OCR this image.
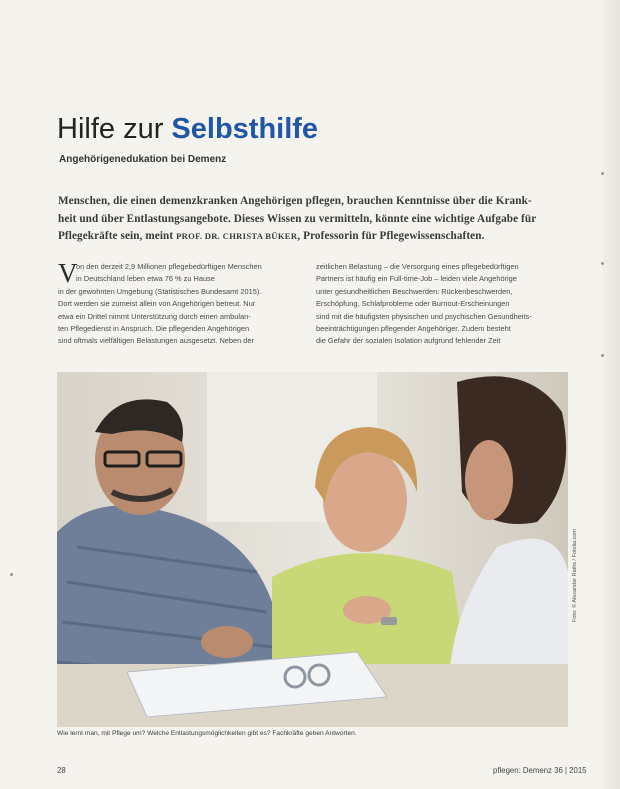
Hilfe zur Selbsthilfe
Angehörigenedukation bei Demenz
Menschen, die einen demenzkranken Angehörigen pflegen, brauchen Kenntnisse über die Krank-
heit und über Entlastungsangebote. Dieses Wissen zu vermitteln, könnte eine wichtige Aufgabe für
Pflegekräfte sein, meint PROF. DR. CHRISTA BÜKER, Professorin für Pflegewissenschaften.
V
on den derzeit 2,9 Millionen pflegebedürftigen Menschen
in Deutschland leben etwa 76 % zu Hause
in der gewohnten Umgebung (Statistisches Bundesamt 2015).
Dort werden sie zumeist allein von Angehörigen betreut. Nur
etwa ein Drittel nimmt Unterstützung durch einen ambulan-
ten Pflegedienst in Anspruch. Die pflegenden Angehörigen
sind oftmals vielfältigen Belastungen ausgesetzt. Neben der
zeitlichen Belastung – die Versorgung eines pflegebedürftigen
Partners ist häufig ein Full-time-Job – leiden viele Angehörige
unter gesundheitlichen Beschwerden: Rückenbeschwerden,
Erschöpfung, Schlafprobleme oder Burnout-Erscheinungen
sind mit die häufigsten physischen und psychischen Gesundheits-
beeinträchtigungen pflegender Angehöriger. Zudem besteht
die Gefahr der sozialen Isolation aufgrund fehlender Zeit
Foto: © Alexander Raths / Fotolia.com
Wie lernt man, mit Pflege um? Welche Entlastungsmöglichkeiten gibt es? Fachkräfte geben Antworten.
28	pflegen: Demenz 36 | 2015
